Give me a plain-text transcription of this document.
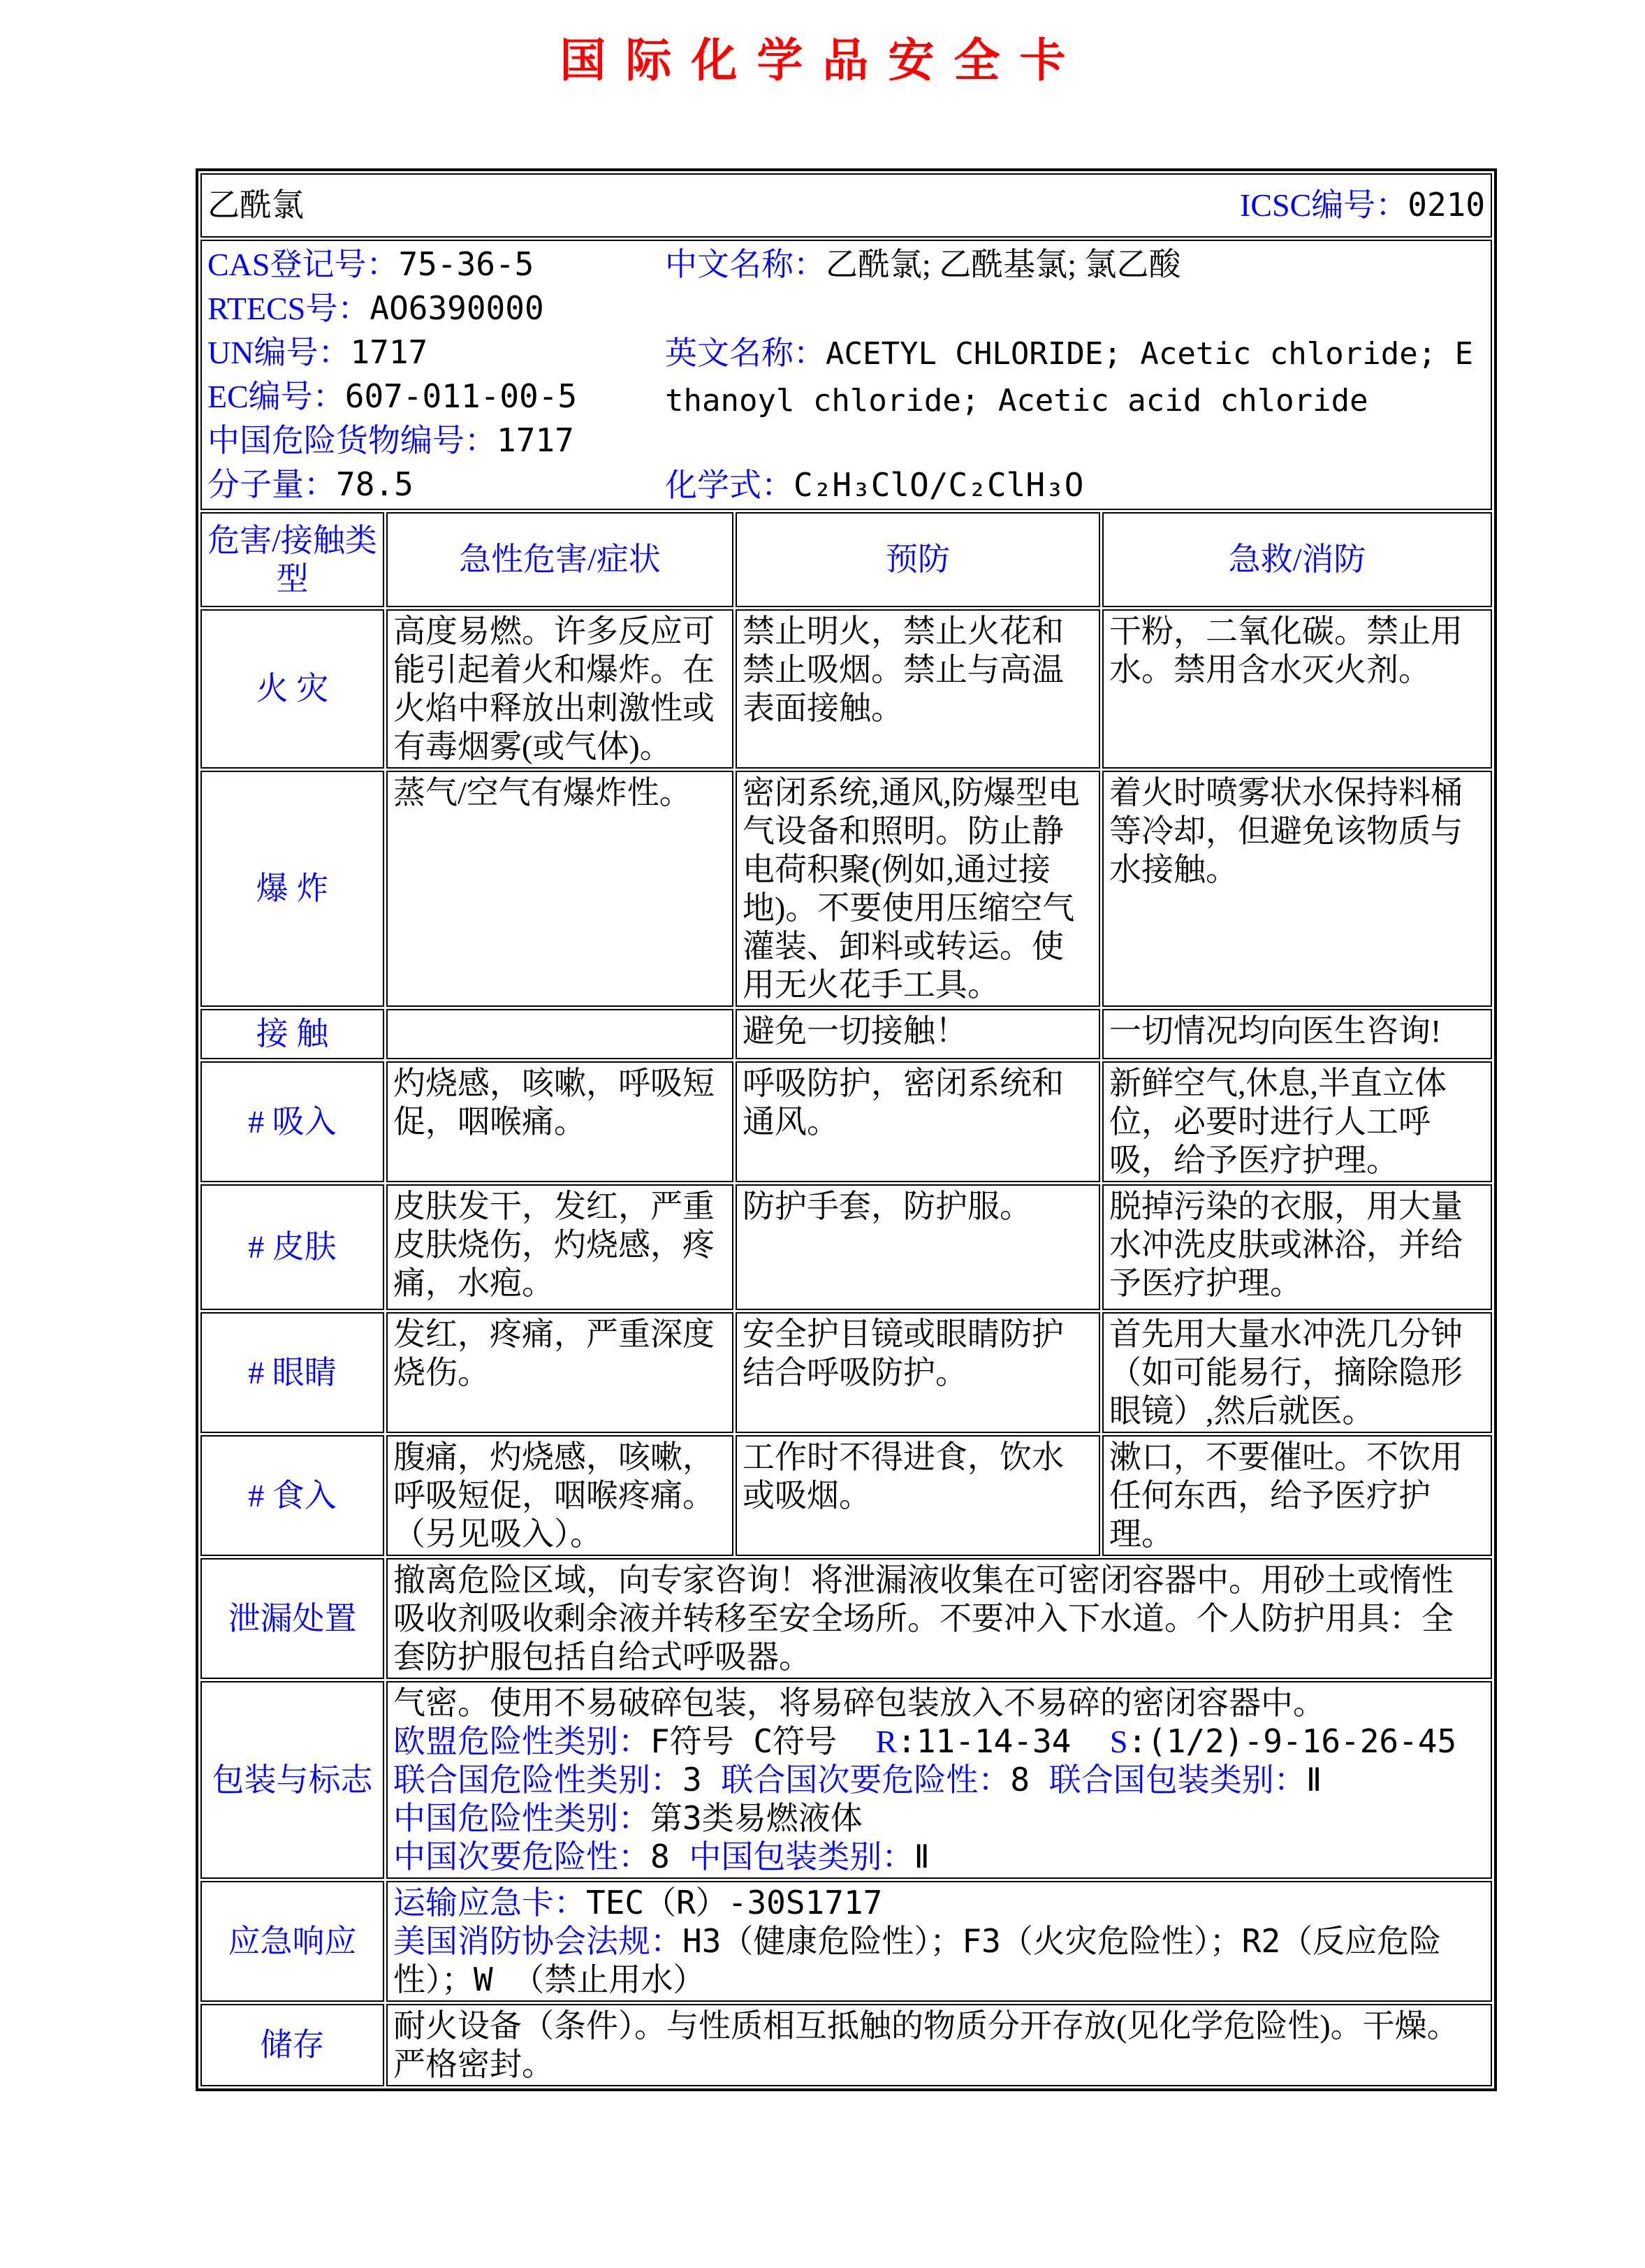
国际化学品安全卡
乙酰氯 ICSC编号：0210			

CAS登记号：75-36-5
RTECS号：AO6390000
UN编号：1717
EC编号：607-011-00-5
中国危险货物编号：1717
分子量：78.5
中文名称：乙酰氯; 乙酰基氯; 氯乙酸
英文名称：ACETYL CHLORIDE; Acetic chloride; Ethanoyl chloride; Acetic acid chloride
化学式：C₂H₃ClO/C₂ClH₃O

危害/接触类型	急性危害/症状	预防	急救/消防
火 灾	高度易燃。许多反应可能引起着火和爆炸。在火焰中释放出刺激性或有毒烟雾(或气体)。	禁止明火，禁止火花和禁止吸烟。禁止与高温表面接触。	干粉，二氧化碳。禁止用水。禁用含水灭火剂。
爆 炸	蒸气/空气有爆炸性。	密闭系统,通风,防爆型电气设备和照明。防止静电荷积聚(例如,通过接地)。不要使用压缩空气灌装、卸料或转运。使用无火花手工具。	着火时喷雾状水保持料桶等冷却，但避免该物质与水接触。
接 触		避免一切接触！	一切情况均向医生咨询!
# 吸入	灼烧感，咳嗽，呼吸短促，咽喉痛。	呼吸防护，密闭系统和通风。	新鲜空气,休息,半直立体位，必要时进行人工呼吸，给予医疗护理。
# 皮肤	皮肤发干，发红，严重皮肤烧伤，灼烧感，疼痛，水疱。	防护手套，防护服。	脱掉污染的衣服，用大量水冲洗皮肤或淋浴，并给予医疗护理。
# 眼睛	发红，疼痛，严重深度烧伤。	安全护目镜或眼睛防护结合呼吸防护。	首先用大量水冲洗几分钟（如可能易行，摘除隐形眼镜）,然后就医。
# 食入	腹痛，灼烧感，咳嗽，呼吸短促，咽喉疼痛。（另见吸入）。	工作时不得进食，饮水或吸烟。	漱口，不要催吐。不饮用任何东西，给予医疗护理。
泄漏处置	撤离危险区域，向专家咨询！将泄漏液收集在可密闭容器中。用砂土或惰性吸收剂吸收剩余液并转移至安全场所。不要冲入下水道。个人防护用具：全套防护服包括自给式呼吸器。		
包装与标志	气密。使用不易破碎包装，将易碎包装放入不易碎的密闭容器中。
欧盟危险性类别：F符号 C符号  R:11-14-34  S:(1/2)-9-16-26-45
联合国危险性类别：3 联合国次要危险性：8 联合国包装类别：Ⅱ
中国危险性类别：第3类易燃液体
中国次要危险性：8 中国包装类别：Ⅱ		

应急响应	运输应急卡：TEC（R）-30S1717
美国消防协会法规：H3（健康危险性）；F3（火灾危险性）；R2（反应危险性）；W （禁止用水）		

储存	耐火设备（条件）。与性质相互抵触的物质分开存放(见化学危险性)。干燥。严格密封。		
